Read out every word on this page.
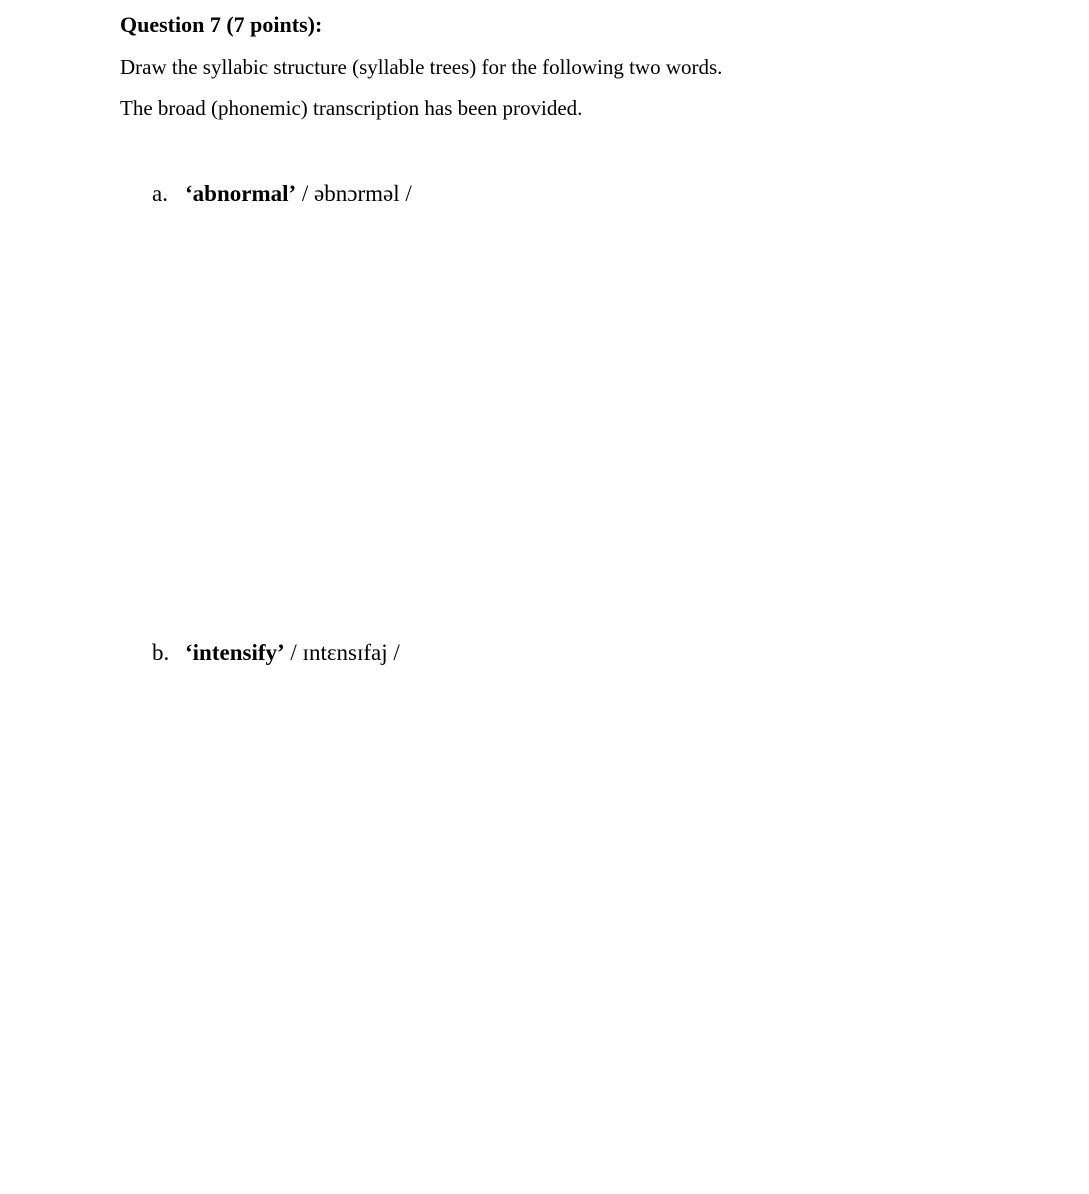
Question 7 (7 points):
Draw the syllabic structure (syllable trees) for the following two words.
The broad (phonemic) transcription has been provided.
a. ‘abnormal’ / əbnɔrməl /
b. ‘intensify’ / ɪntɛnsɪfaj /
